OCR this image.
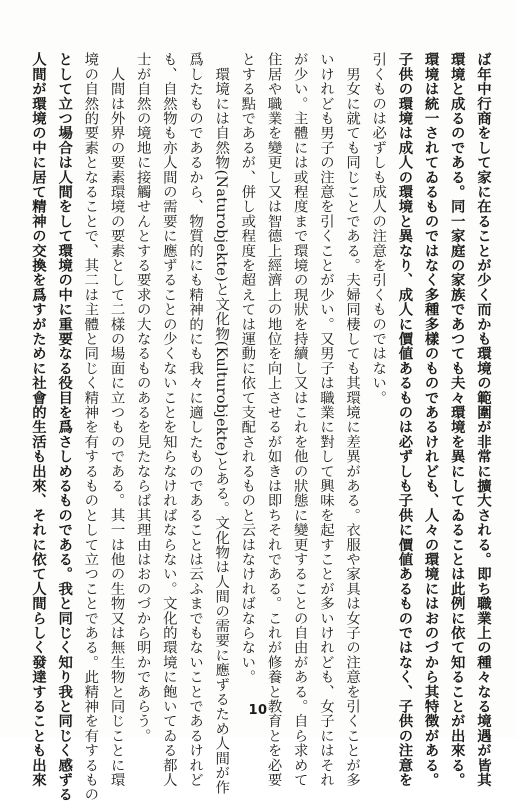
ば年中行商をして家に在ることが少く而かも環境の範圍が非常に擴大される。即ち職業上の種々なる境遇が皆其
環境と成るのである。同一家庭の家族であつても夫々環境を異にしてゐることは此例に依て知ることが出來る。
環境は統一されてゐるものではなく多種多樣のものであるけれども、人々の環境にはおのづから其特徴がある。
子供の環境は成人の環境と異なり、成人に價値あるものは必ずしも子供に價値あるものではなく、子供の注意を
引くものは必ずしも成人の注意を引くものではない。
　男女に就ても同じことである。夫婦同棲しても其環境に差異がある。衣服や家具は女子の注意を引くことが多
いけれども男子の注意を引くことが少い。又男子は職業に對して興味を起すことが多いけれども、女子にはそれ
が少い。主體には或程度まで環境の現狀を持續し又はこれを他の狀態に變更することの自由がある。自ら求めて
住居や職業を變更し又は智德上經濟上の地位を向上させるが如きは即ちそれである。これが修養と教育とを必要
とする點であるが、併し或程度を超えては運動に依て支配されるものと云はなければならない。
　環境には自然物(Naturobjekte)と文化物(Kulturobjekte)とある。文化物は人間の需要に應ずるため人間が作
爲したものであるから、物質的にも精神的にも我々に適したものであることは云ふまでもないことであるけれど
も、自然物も亦人間の需要に應ずることの少くないことを知らなければならない。文化的環境に飽いてゐる都人
士が自然の境地に接觸せんとする要求の大なるものあるを見たならば其理由はおのづから明かであらう。
　人間は外界の要素環境の要素として二樣の場面に立つものである。其一は他の生物又は無生物と同じことに環
境の自然的要素となることで、其二は主體と同じく精神を有するものとして立つことである。此精神を有するもの
として立つ場合は人間をして環境の中に重要なる役目を爲さしめるものである。我と同じく知り我と同じく感ずる
人間が環境の中に居て精神の交換を爲すがために社會的生活も出來、それに依て人間らしく發達することも出來	10
